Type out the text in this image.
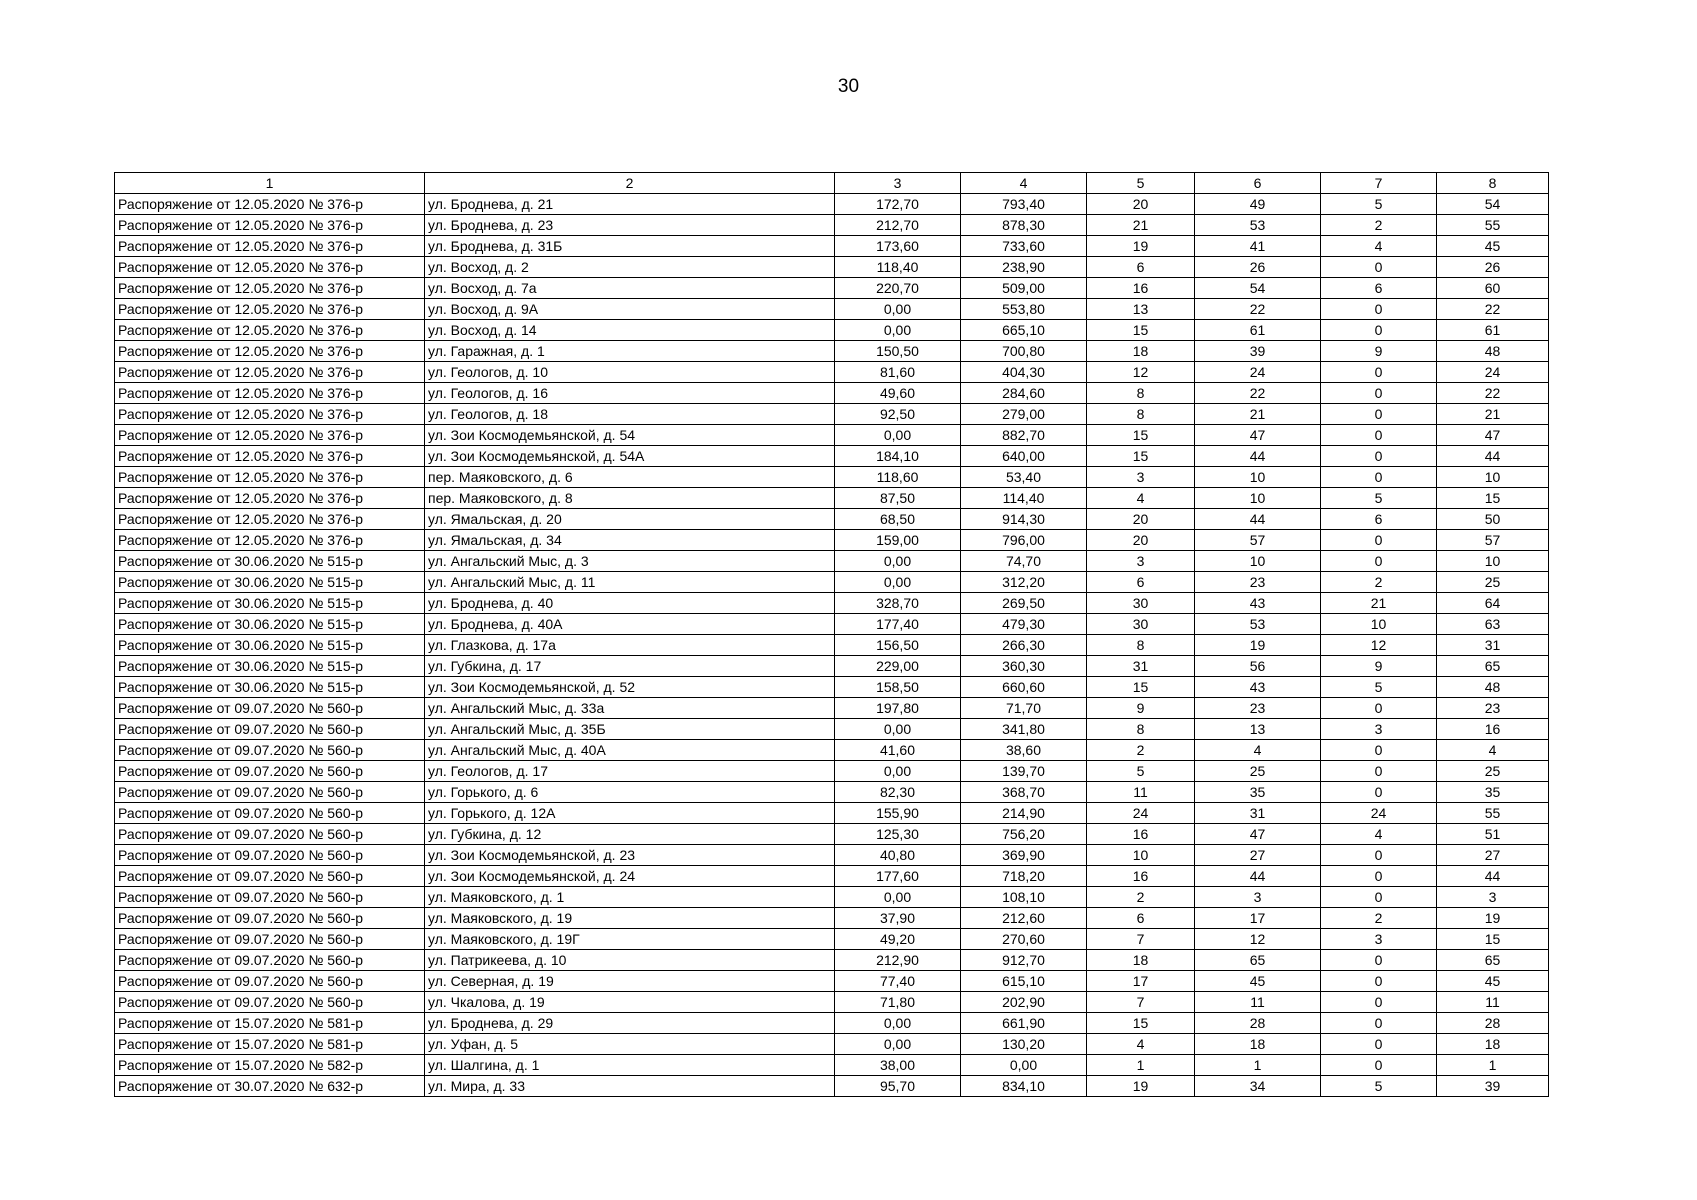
30
1	2	3	4	5	6	7	8
Распоряжение от 12.05.2020 № 376-р	ул. Броднева, д. 21	172,70	793,40	20	49	5	54
Распоряжение от 12.05.2020 № 376-р	ул. Броднева, д. 23	212,70	878,30	21	53	2	55
Распоряжение от 12.05.2020 № 376-р	ул. Броднева, д. 31Б	173,60	733,60	19	41	4	45
Распоряжение от 12.05.2020 № 376-р	ул. Восход, д. 2	118,40	238,90	6	26	0	26
Распоряжение от 12.05.2020 № 376-р	ул. Восход, д. 7а	220,70	509,00	16	54	6	60
Распоряжение от 12.05.2020 № 376-р	ул. Восход, д. 9А	0,00	553,80	13	22	0	22
Распоряжение от 12.05.2020 № 376-р	ул. Восход, д. 14	0,00	665,10	15	61	0	61
Распоряжение от 12.05.2020 № 376-р	ул. Гаражная, д. 1	150,50	700,80	18	39	9	48
Распоряжение от 12.05.2020 № 376-р	ул. Геологов, д. 10	81,60	404,30	12	24	0	24
Распоряжение от 12.05.2020 № 376-р	ул. Геологов, д. 16	49,60	284,60	8	22	0	22
Распоряжение от 12.05.2020 № 376-р	ул. Геологов, д. 18	92,50	279,00	8	21	0	21
Распоряжение от 12.05.2020 № 376-р	ул. Зои Космодемьянской, д. 54	0,00	882,70	15	47	0	47
Распоряжение от 12.05.2020 № 376-р	ул. Зои Космодемьянской, д. 54А	184,10	640,00	15	44	0	44
Распоряжение от 12.05.2020 № 376-р	пер. Маяковского, д. 6	118,60	53,40	3	10	0	10
Распоряжение от 12.05.2020 № 376-р	пер. Маяковского, д. 8	87,50	114,40	4	10	5	15
Распоряжение от 12.05.2020 № 376-р	ул. Ямальская, д. 20	68,50	914,30	20	44	6	50
Распоряжение от 12.05.2020 № 376-р	ул. Ямальская, д. 34	159,00	796,00	20	57	0	57
Распоряжение от 30.06.2020 № 515-р	ул. Ангальский Мыс, д. 3	0,00	74,70	3	10	0	10
Распоряжение от 30.06.2020 № 515-р	ул. Ангальский Мыс, д. 11	0,00	312,20	6	23	2	25
Распоряжение от 30.06.2020 № 515-р	ул. Броднева, д. 40	328,70	269,50	30	43	21	64
Распоряжение от 30.06.2020 № 515-р	ул. Броднева, д. 40А	177,40	479,30	30	53	10	63
Распоряжение от 30.06.2020 № 515-р	ул. Глазкова, д. 17а	156,50	266,30	8	19	12	31
Распоряжение от 30.06.2020 № 515-р	ул. Губкина, д. 17	229,00	360,30	31	56	9	65
Распоряжение от 30.06.2020 № 515-р	ул. Зои Космодемьянской, д. 52	158,50	660,60	15	43	5	48
Распоряжение от 09.07.2020 № 560-р	ул. Ангальский Мыс, д. 33а	197,80	71,70	9	23	0	23
Распоряжение от 09.07.2020 № 560-р	ул. Ангальский Мыс, д. 35Б	0,00	341,80	8	13	3	16
Распоряжение от 09.07.2020 № 560-р	ул. Ангальский Мыс, д. 40А	41,60	38,60	2	4	0	4
Распоряжение от 09.07.2020 № 560-р	ул. Геологов, д. 17	0,00	139,70	5	25	0	25
Распоряжение от 09.07.2020 № 560-р	ул. Горького, д. 6	82,30	368,70	11	35	0	35
Распоряжение от 09.07.2020 № 560-р	ул. Горького, д. 12А	155,90	214,90	24	31	24	55
Распоряжение от 09.07.2020 № 560-р	ул. Губкина, д. 12	125,30	756,20	16	47	4	51
Распоряжение от 09.07.2020 № 560-р	ул. Зои Космодемьянской, д. 23	40,80	369,90	10	27	0	27
Распоряжение от 09.07.2020 № 560-р	ул. Зои Космодемьянской, д. 24	177,60	718,20	16	44	0	44
Распоряжение от 09.07.2020 № 560-р	ул. Маяковского, д. 1	0,00	108,10	2	3	0	3
Распоряжение от 09.07.2020 № 560-р	ул. Маяковского, д. 19	37,90	212,60	6	17	2	19
Распоряжение от 09.07.2020 № 560-р	ул. Маяковского, д. 19Г	49,20	270,60	7	12	3	15
Распоряжение от 09.07.2020 № 560-р	ул. Патрикеева, д. 10	212,90	912,70	18	65	0	65
Распоряжение от 09.07.2020 № 560-р	ул. Северная, д. 19	77,40	615,10	17	45	0	45
Распоряжение от 09.07.2020 № 560-р	ул. Чкалова, д. 19	71,80	202,90	7	11	0	11
Распоряжение от 15.07.2020 № 581-р	ул. Броднева, д. 29	0,00	661,90	15	28	0	28
Распоряжение от 15.07.2020 № 581-р	ул. Уфан, д. 5	0,00	130,20	4	18	0	18
Распоряжение от 15.07.2020 № 582-р	ул. Шалгина, д. 1	38,00	0,00	1	1	0	1
Распоряжение от 30.07.2020 № 632-р	ул. Мира, д. 33	95,70	834,10	19	34	5	39
